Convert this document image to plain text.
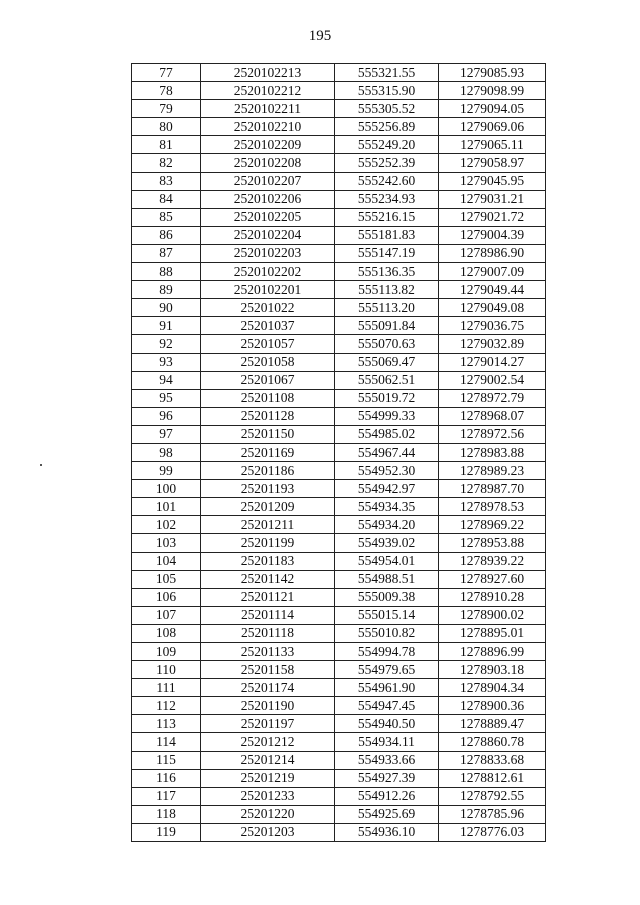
195
77	2520102213	555321.55	1279085.93
78	2520102212	555315.90	1279098.99
79	2520102211	555305.52	1279094.05
80	2520102210	555256.89	1279069.06
81	2520102209	555249.20	1279065.11
82	2520102208	555252.39	1279058.97
83	2520102207	555242.60	1279045.95
84	2520102206	555234.93	1279031.21
85	2520102205	555216.15	1279021.72
86	2520102204	555181.83	1279004.39
87	2520102203	555147.19	1278986.90
88	2520102202	555136.35	1279007.09
89	2520102201	555113.82	1279049.44
90	25201022	555113.20	1279049.08
91	25201037	555091.84	1279036.75
92	25201057	555070.63	1279032.89
93	25201058	555069.47	1279014.27
94	25201067	555062.51	1279002.54
95	25201108	555019.72	1278972.79
96	25201128	554999.33	1278968.07
97	25201150	554985.02	1278972.56
98	25201169	554967.44	1278983.88
99	25201186	554952.30	1278989.23
100	25201193	554942.97	1278987.70
101	25201209	554934.35	1278978.53
102	25201211	554934.20	1278969.22
103	25201199	554939.02	1278953.88
104	25201183	554954.01	1278939.22
105	25201142	554988.51	1278927.60
106	25201121	555009.38	1278910.28
107	25201114	555015.14	1278900.02
108	25201118	555010.82	1278895.01
109	25201133	554994.78	1278896.99
110	25201158	554979.65	1278903.18
111	25201174	554961.90	1278904.34
112	25201190	554947.45	1278900.36
113	25201197	554940.50	1278889.47
114	25201212	554934.11	1278860.78
115	25201214	554933.66	1278833.68
116	25201219	554927.39	1278812.61
117	25201233	554912.26	1278792.55
118	25201220	554925.69	1278785.96
119	25201203	554936.10	1278776.03
